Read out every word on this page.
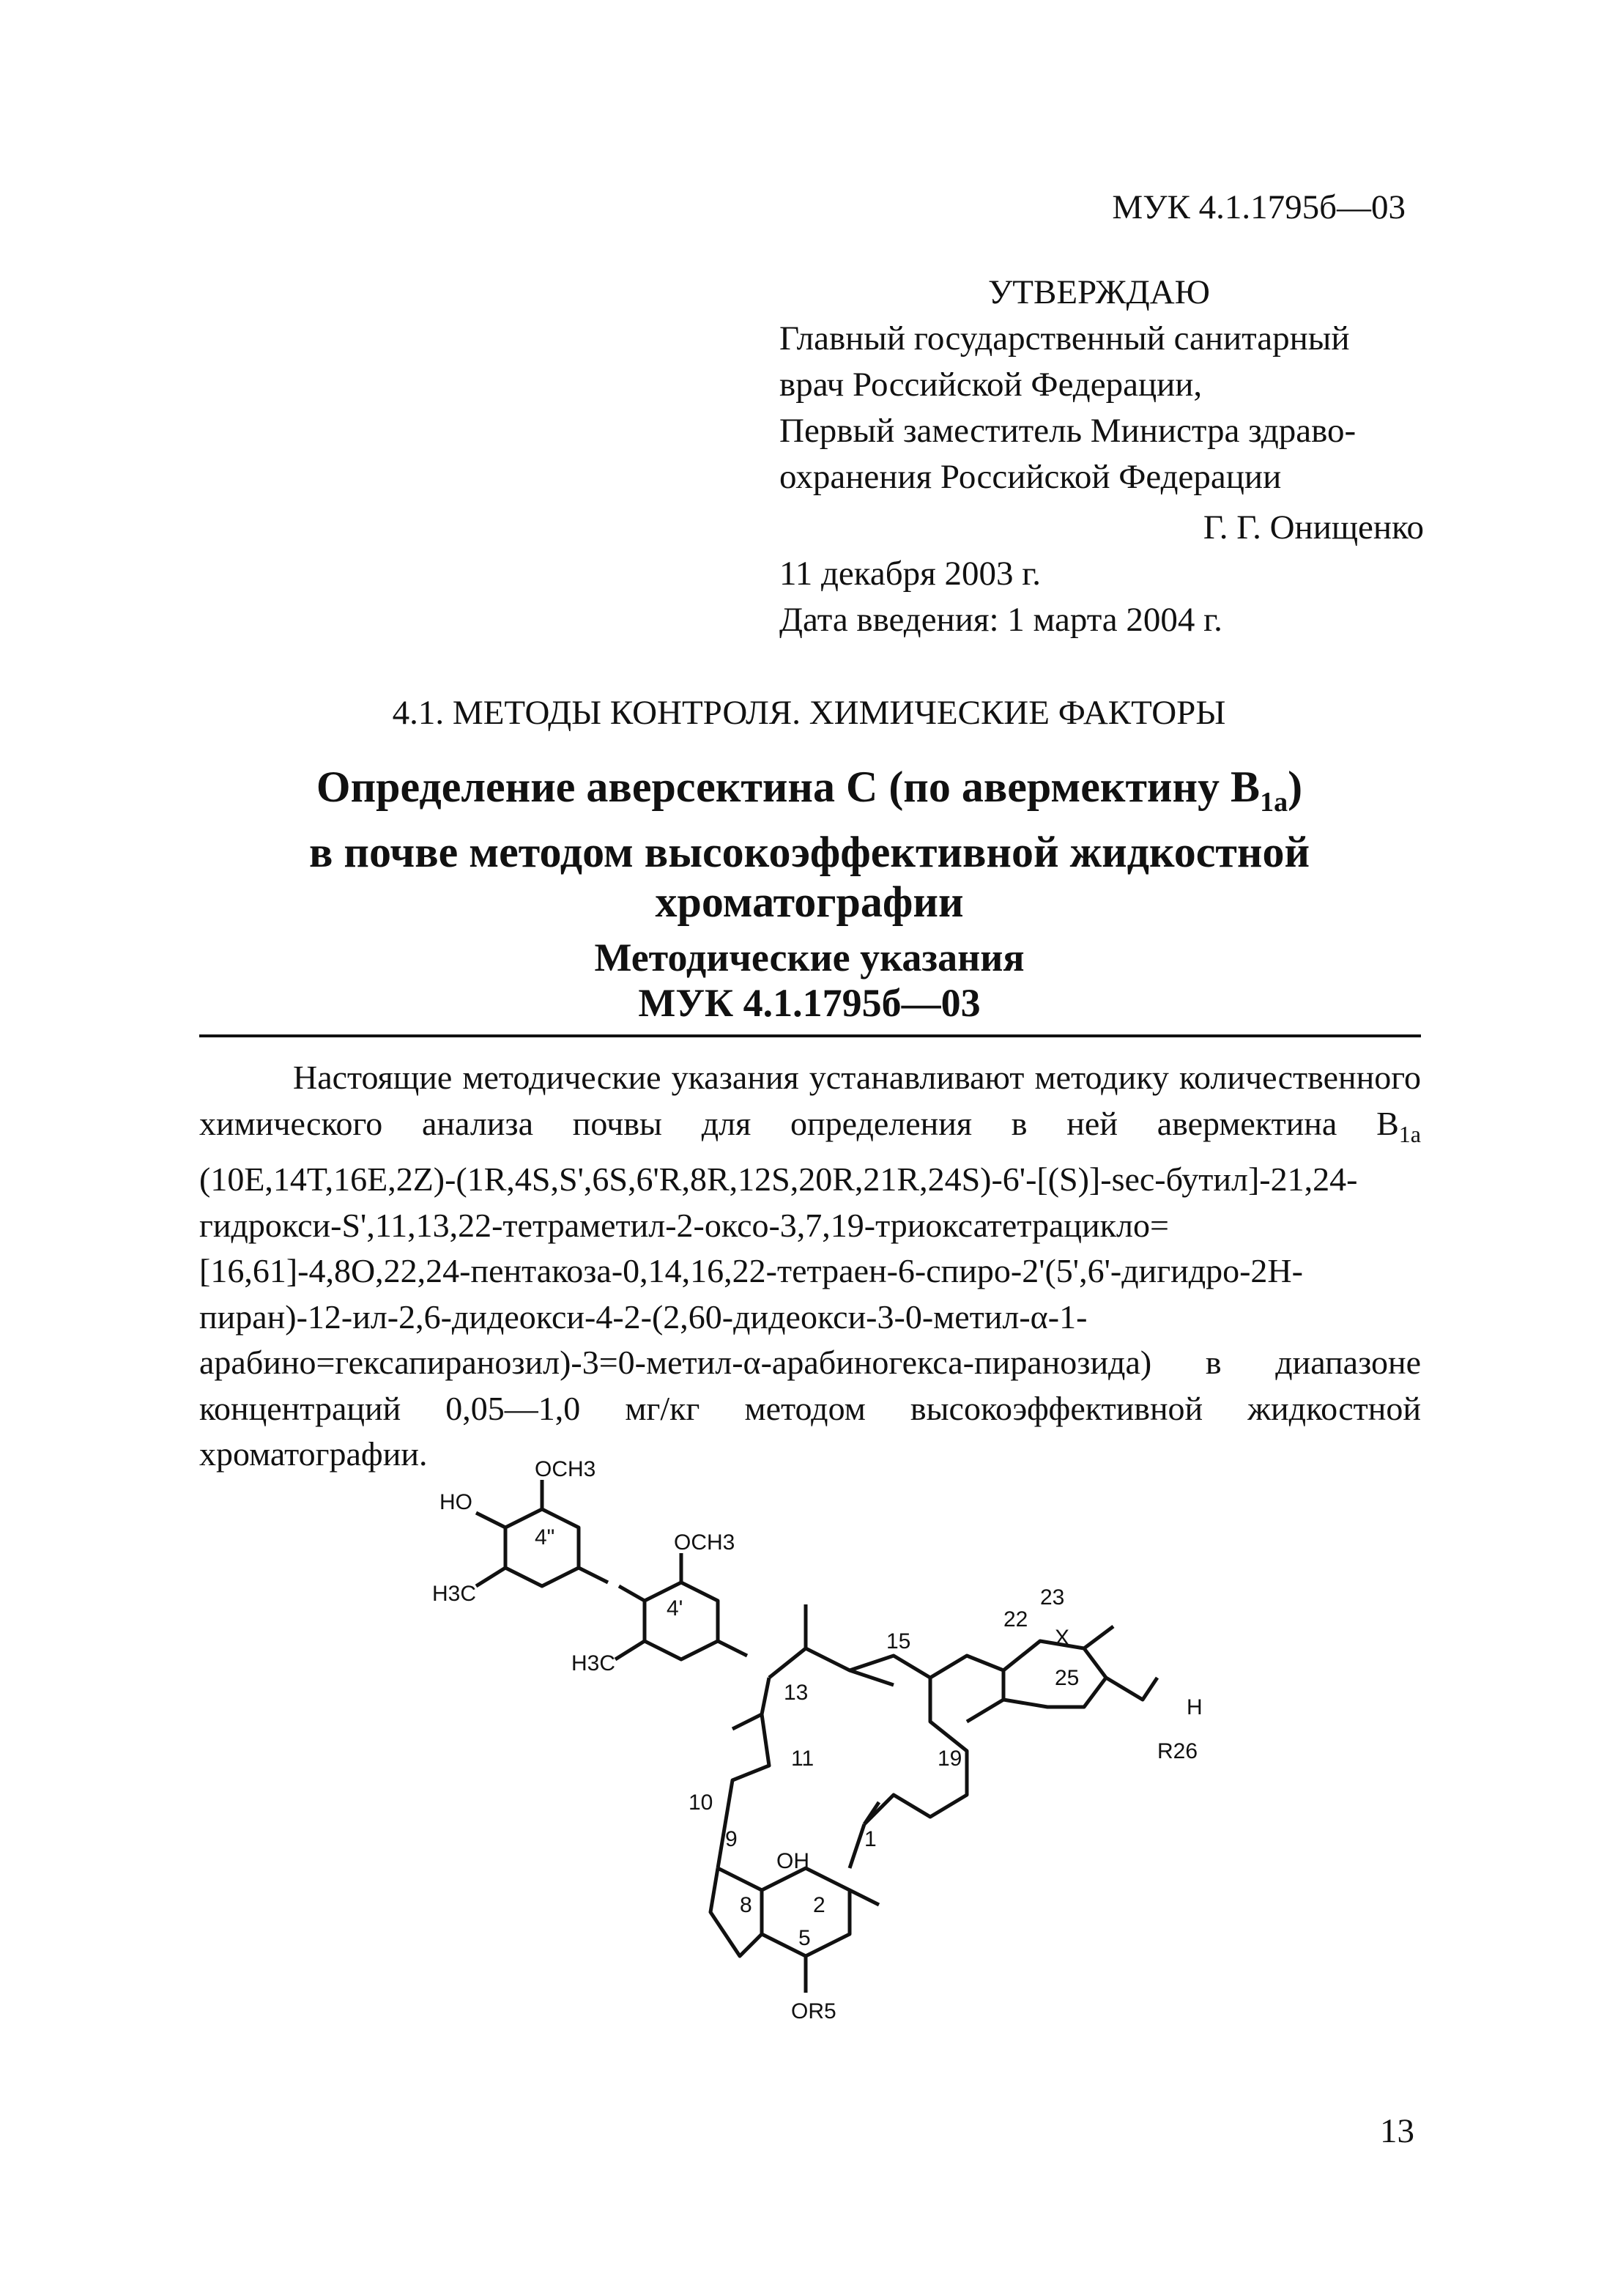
МУК 4.1.1795б—03
УТВЕРЖДАЮ
Главный государственный санитарный
врач Российской Федерации,
Первый заместитель Министра здраво-
охранения Российской Федерации
Г. Г. Онищенко
11 декабря 2003 г.
Дата введения: 1 марта 2004 г.
4.1. МЕТОДЫ КОНТРОЛЯ. ХИМИЧЕСКИЕ ФАКТОРЫ
Определение аверсектина С (по авермектину $В_{1a}$)
в почве методом высокоэффективной жидкостной
хроматографии
Методические указания
МУК 4.1.1795б—03

Настоящие методические указания устанавливают методику количественного химического анализа почвы для определения в ней авермектина $В_{1a}$ (10E,14T,16E,2Z)-(1R,4S,S',6S,6'R,8R,12S,20R,21R,24S)-6'-[(S)]-sec-бутил]-21,24-гидрокси-S',11,13,22-тетраметил-2-оксо-3,7,19-триоксатетрацикло=[16,61]-4,8O,22,24-пентакоза-0,14,16,22-тетраен-6-спиро-2'(5',6'-дигидро-2H-пиран)-12-ил-2,6-дидеокси-4-2-(2,60-дидеокси-3-0-метил-α-1-арабино=гексапиранозил)-3=0-метил-α-арабиногекса-пиранозида) в диапазоне концентраций 0,05—1,0 мг/кг методом высокоэффективной жидкостной хроматографии.	OCH3
HO
4"
H3C
OCH3
4'
H3C
13
15
11
10
9
8	2
1
5
19
25
22
23
X
OH
OR5
R26
H
13
